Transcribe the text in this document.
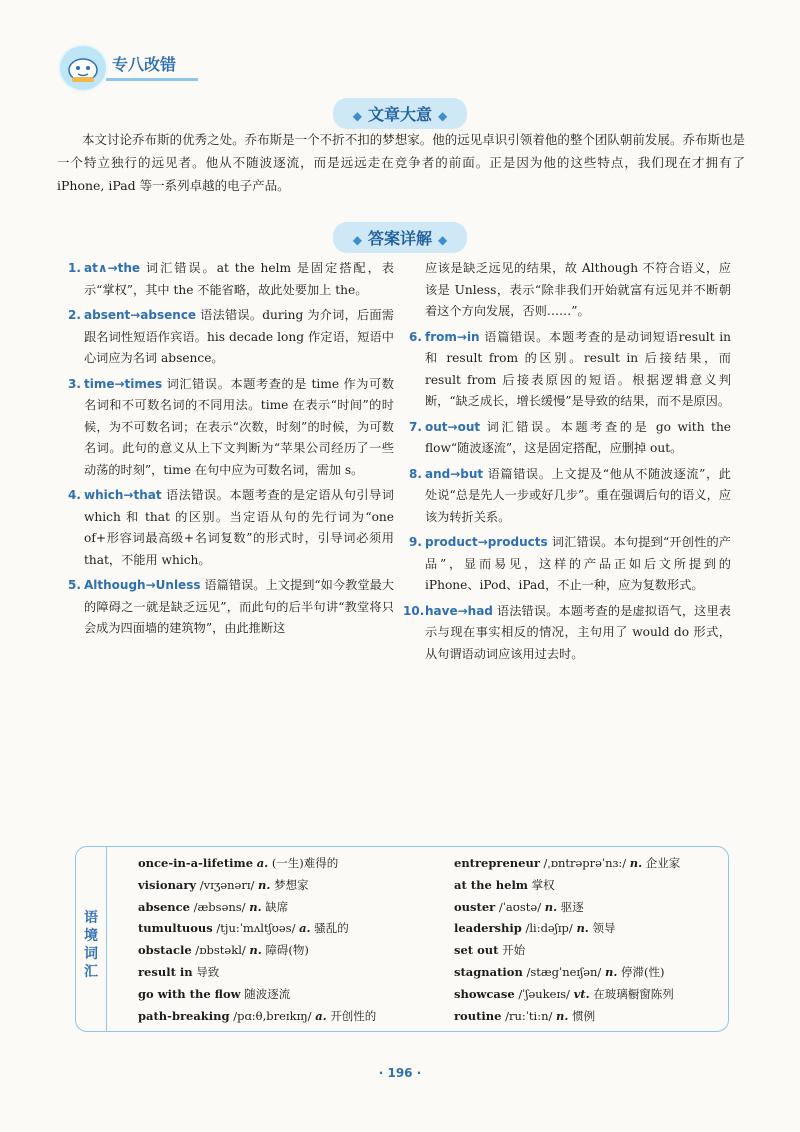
专八改错
◆ 文章大意 ◆
本文讨论乔布斯的优秀之处。乔布斯是一个不折不扣的梦想家。他的远见卓识引领着他的整个团队朝前发展。乔布斯也是一个特立独行的远见者。他从不随波逐流，而是远远走在竞争者的前面。正是因为他的这些特点，我们现在才拥有了 iPhone, iPad 等一系列卓越的电子产品。
◆ 答案详解 ◆
1. at∧→the 词汇错误。at the helm 是固定搭配，表示“掌权”，其中 the 不能省略，故此处要加上 the。
2. absent→absence 语法错误。during 为介词，后面需跟名词性短语作宾语。his decade long 作定语，短语中心词应为名词 absence。
3. time→times 词汇错误。本题考查的是 time 作为可数名词和不可数名词的不同用法。time 在表示“时间”的时候，为不可数名词；在表示“次数，时刻”的时候，为可数名词。此句的意义从上下文判断为“苹果公司经历了一些动荡的时刻”，time 在句中应为可数名词，需加 s。
4. which→that 语法错误。本题考查的是定语从句引导词 which 和 that 的区别。当定语从句的先行词为“one of+形容词最高级+名词复数”的形式时，引导词必须用 that，不能用 which。
5. Although→Unless 语篇错误。上文提到“如今教堂最大的障碍之一就是缺乏远见”，而此句的后半句讲“教堂将只会成为四面墙的建筑物”，由此推断这
应该是缺乏远见的结果，故 Although 不符合语义，应该是 Unless，表示“除非我们开始就富有远见并不断朝着这个方向发展，否则……”。
6. from→in 语篇错误。本题考查的是动词短语result in 和 result from 的区别。result in 后接结果，而 result from 后接表原因的短语。根据逻辑意义判断，“缺乏成长，增长缓慢”是导致的结果，而不是原因。
7. out→out 词汇错误。本题考查的是 go with the flow“随波逐流”，这是固定搭配，应删掉 out。
8. and→but 语篇错误。上文提及“他从不随波逐流”，此处说“总是先人一步或好几步”。重在强调后句的语义，应该为转折关系。
9. product→products 词汇错误。本句提到“开创性的产品”，显而易见，这样的产品正如后文所提到的 iPhone、iPod、iPad，不止一种，应为复数形式。
10. have→had 语法错误。本题考查的是虚拟语气，这里表示与现在事实相反的情况，主句用了 would do 形式，从句谓语动词应该用过去时。
语境词汇
once-in-a-lifetime a. (一生)难得的
visionary /vɪʒənərɪ/ n. 梦想家
absence /æbsəns/ n. 缺席
tumultuous /tju:ˈmʌltʃʊəs/ a. 骚乱的
obstacle /ɒbstəkl/ n. 障碍(物)
result in 导致
go with the flow 随波逐流
path-breaking /pɑ:θ,breɪkɪŋ/ a. 开创性的
entrepreneur /ˌɒntrəprəˈnɜ:/ n. 企业家
at the helm 掌权
ouster /ˈaʊstə/ n. 驱逐
leadership /li:dəʃɪp/ n. 领导
set out 开始
stagnation /stægˈneɪʃən/ n. 停滞(性)
showcase /ˈʃəukeɪs/ vt. 在玻璃橱窗陈列
routine /ru:ˈti:n/ n. 惯例
· 196 ·
